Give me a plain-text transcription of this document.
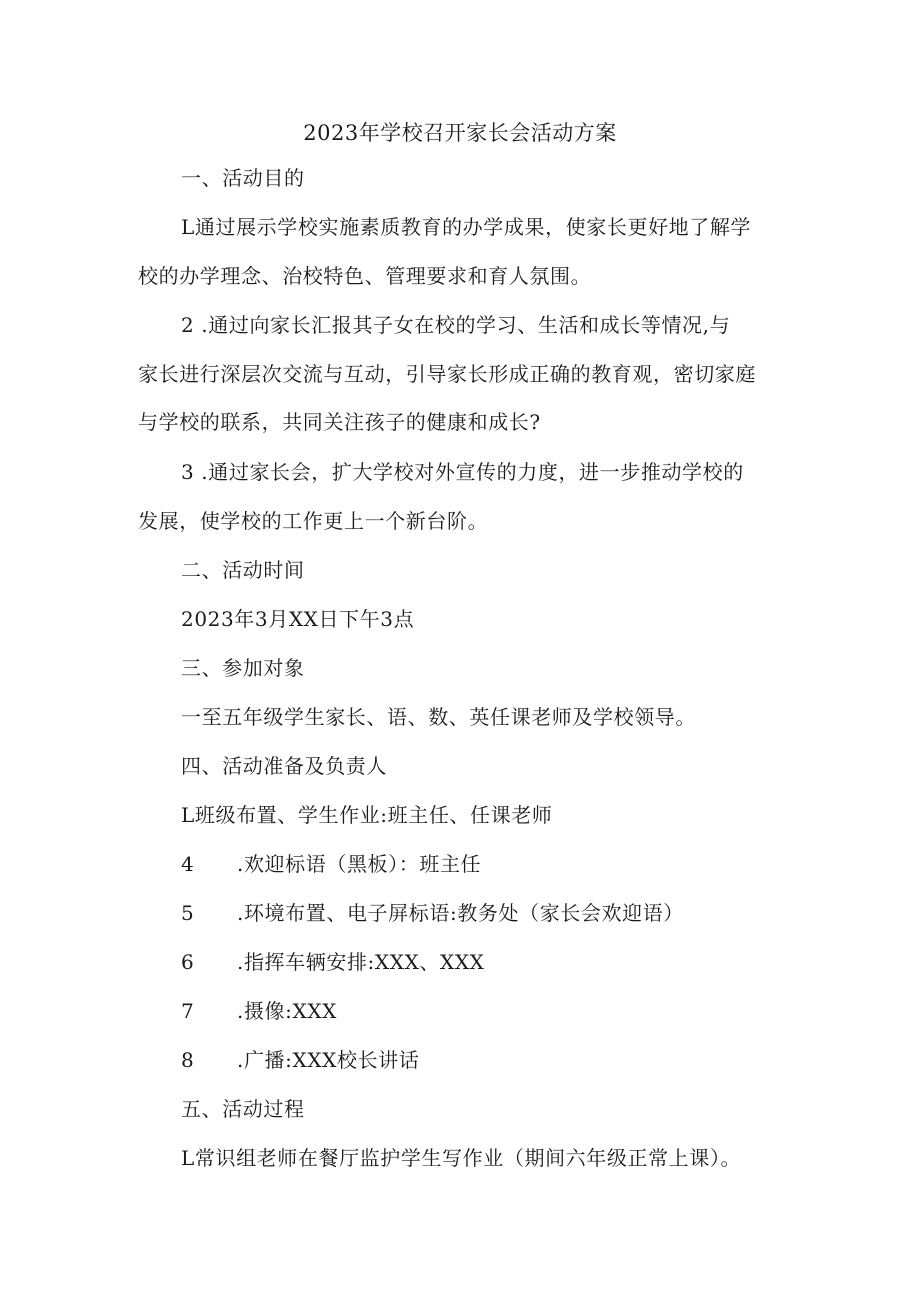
2023年学校召开家长会活动方案
一、活动目的
L通过展示学校实施素质教育的办学成果，使家长更好地了解学
校的办学理念、治校特色、管理要求和育人氛围。
2 .通过向家长汇报其子女在校的学习、生活和成长等情况,与
家长进行深层次交流与互动，引导家长形成正确的教育观，密切家庭
与学校的联系，共同关注孩子的健康和成长?
3 .通过家长会，扩大学校对外宣传的力度，进一步推动学校的
发展，使学校的工作更上一个新台阶。
二、活动时间
2023年3月XX日下午3点
三、参加对象
一至五年级学生家长、语、数、英任课老师及学校领导。
四、活动准备及负责人
L班级布置、学生作业:班主任、任课老师
4 .欢迎标语（黑板）：班主任
5 .环境布置、电子屏标语:教务处（家长会欢迎语）
6 .指挥车辆安排:XXX、XXX
7 .摄像:XXX
8 .广播:XXX校长讲话
五、活动过程
L常识组老师在餐厅监护学生写作业（期间六年级正常上课）。
